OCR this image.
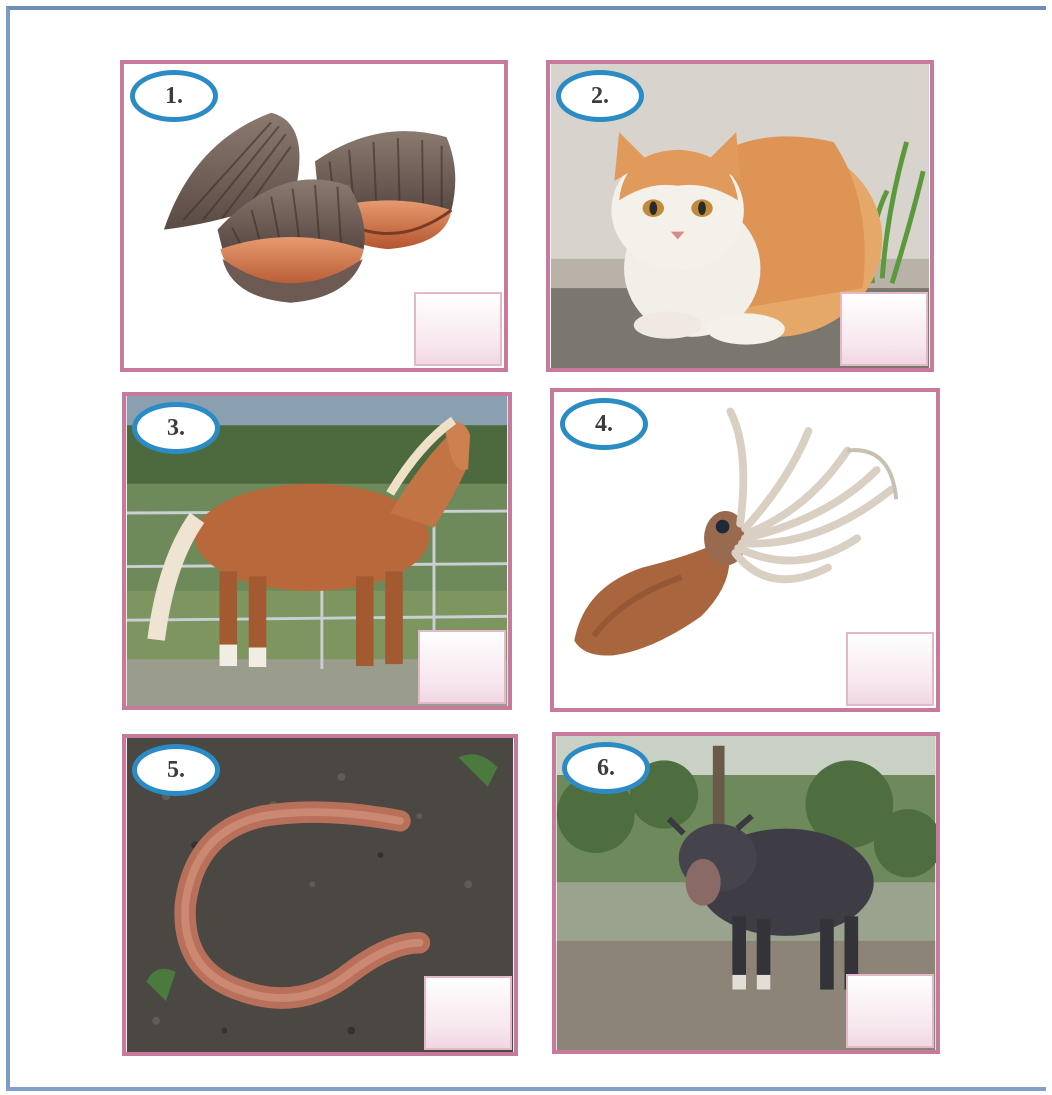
1.	2.
3.	4.
5.	6.
